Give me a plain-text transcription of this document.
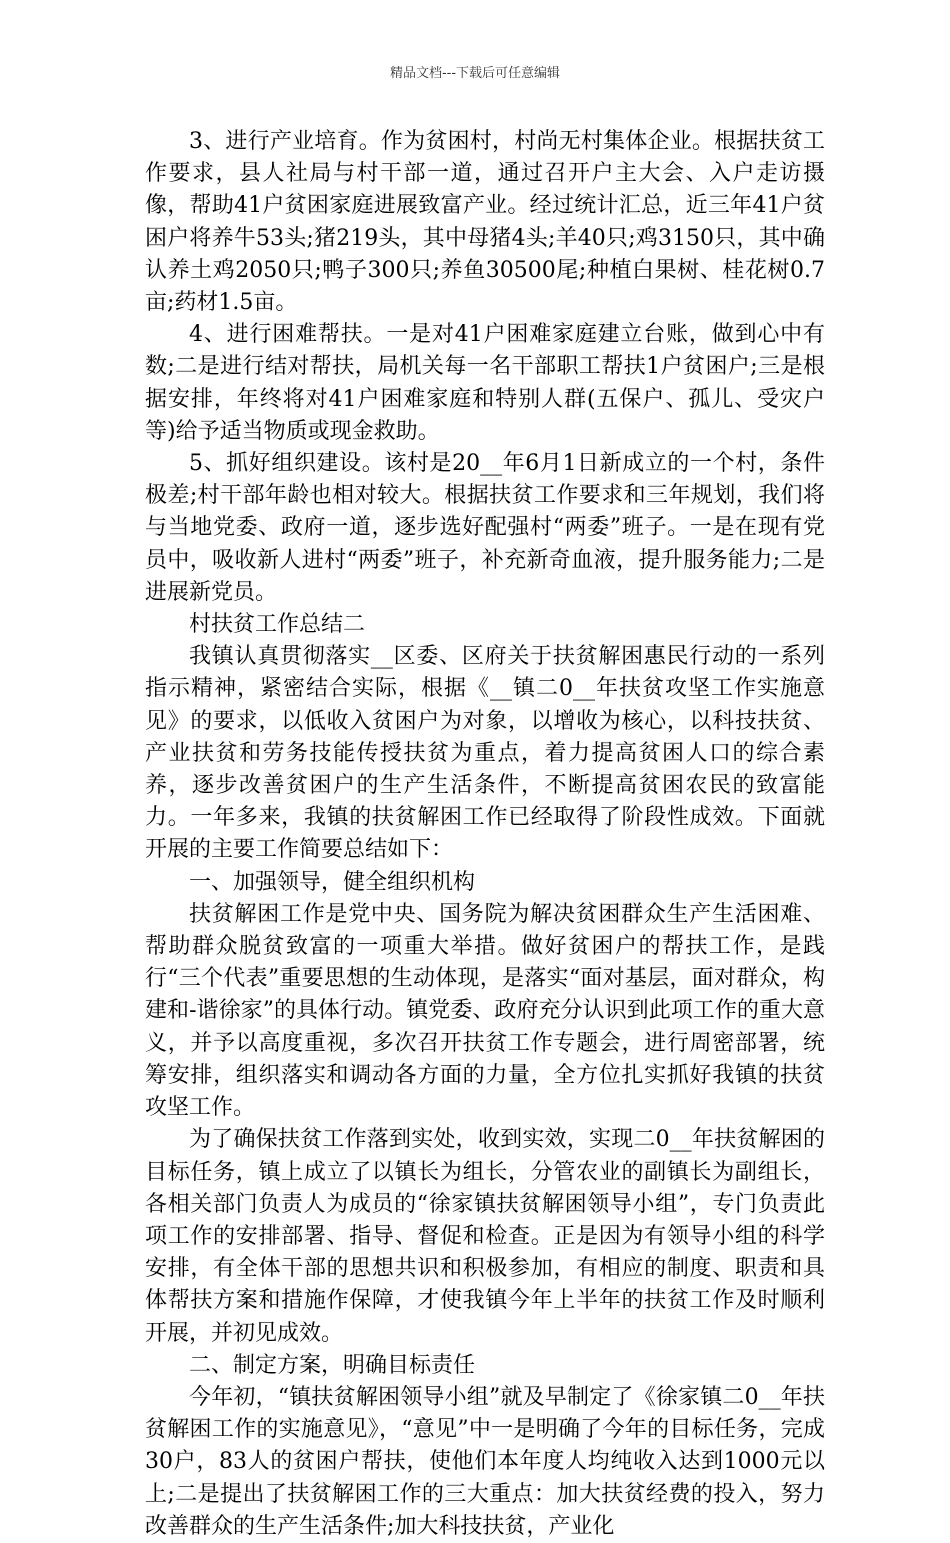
精品文档---下载后可任意编辑

3、进行产业培育。作为贫困村，村尚无村集体企业。根据扶贫工作要求，县人社局与村干部一道，通过召开户主大会、入户走访摄像，帮助41户贫困家庭进展致富产业。经过统计汇总，近三年41户贫困户将养牛53头;猪219头，其中母猪4头;羊40只;鸡3150只，其中确认养土鸡2050只;鸭子300只;养鱼30500尾;种植白果树、桂花树0.7亩;药材1.5亩。

4、进行困难帮扶。一是对41户困难家庭建立台账，做到心中有数;二是进行结对帮扶，局机关每一名干部职工帮扶1户贫困户;三是根据安排，年终将对41户困难家庭和特别人群(五保户、孤儿、受灾户等)给予适当物质或现金救助。

5、抓好组织建设。该村是20__年6月1日新成立的一个村，条件极差;村干部年龄也相对较大。根据扶贫工作要求和三年规划，我们将与当地党委、政府一道，逐步选好配强村“两委”班子。一是在现有党员中，吸收新人进村“两委”班子，补充新奇血液，提升服务能力;二是进展新党员。

村扶贫工作总结二

我镇认真贯彻落实__区委、区府关于扶贫解困惠民行动的一系列指示精神，紧密结合实际，根据《__镇二0__年扶贫攻坚工作实施意见》的要求，以低收入贫困户为对象，以增收为核心，以科技扶贫、产业扶贫和劳务技能传授扶贫为重点，着力提高贫困人口的综合素养，逐步改善贫困户的生产生活条件，不断提高贫困农民的致富能力。一年多来，我镇的扶贫解困工作已经取得了阶段性成效。下面就开展的主要工作简要总结如下：

一、加强领导，健全组织机构

扶贫解困工作是党中央、国务院为解决贫困群众生产生活困难、帮助群众脱贫致富的一项重大举措。做好贫困户的帮扶工作，是践行“三个代表”重要思想的生动体现，是落实“面对基层，面对群众，构建和-谐徐家”的具体行动。镇党委、政府充分认识到此项工作的重大意义，并予以高度重视，多次召开扶贫工作专题会，进行周密部署，统筹安排，组织落实和调动各方面的力量，全方位扎实抓好我镇的扶贫攻坚工作。

为了确保扶贫工作落到实处，收到实效，实现二0__年扶贫解困的目标任务，镇上成立了以镇长为组长，分管农业的副镇长为副组长，各相关部门负责人为成员的“徐家镇扶贫解困领导小组”，专门负责此项工作的安排部署、指导、督促和检查。正是因为有领导小组的科学安排，有全体干部的思想共识和积极参加，有相应的制度、职责和具体帮扶方案和措施作保障，才使我镇今年上半年的扶贫工作及时顺利开展，并初见成效。

二、制定方案，明确目标责任

今年初，“镇扶贫解困领导小组”就及早制定了《徐家镇二0__年扶贫解困工作的实施意见》，“意见”中一是明确了今年的目标任务，完成30户，83人的贫困户帮扶，使他们本年度人均纯收入达到1000元以上;二是提出了扶贫解困工作的三大重点：加大扶贫经费的投入，努力改善群众的生产生活条件;加大科技扶贫，产业化
